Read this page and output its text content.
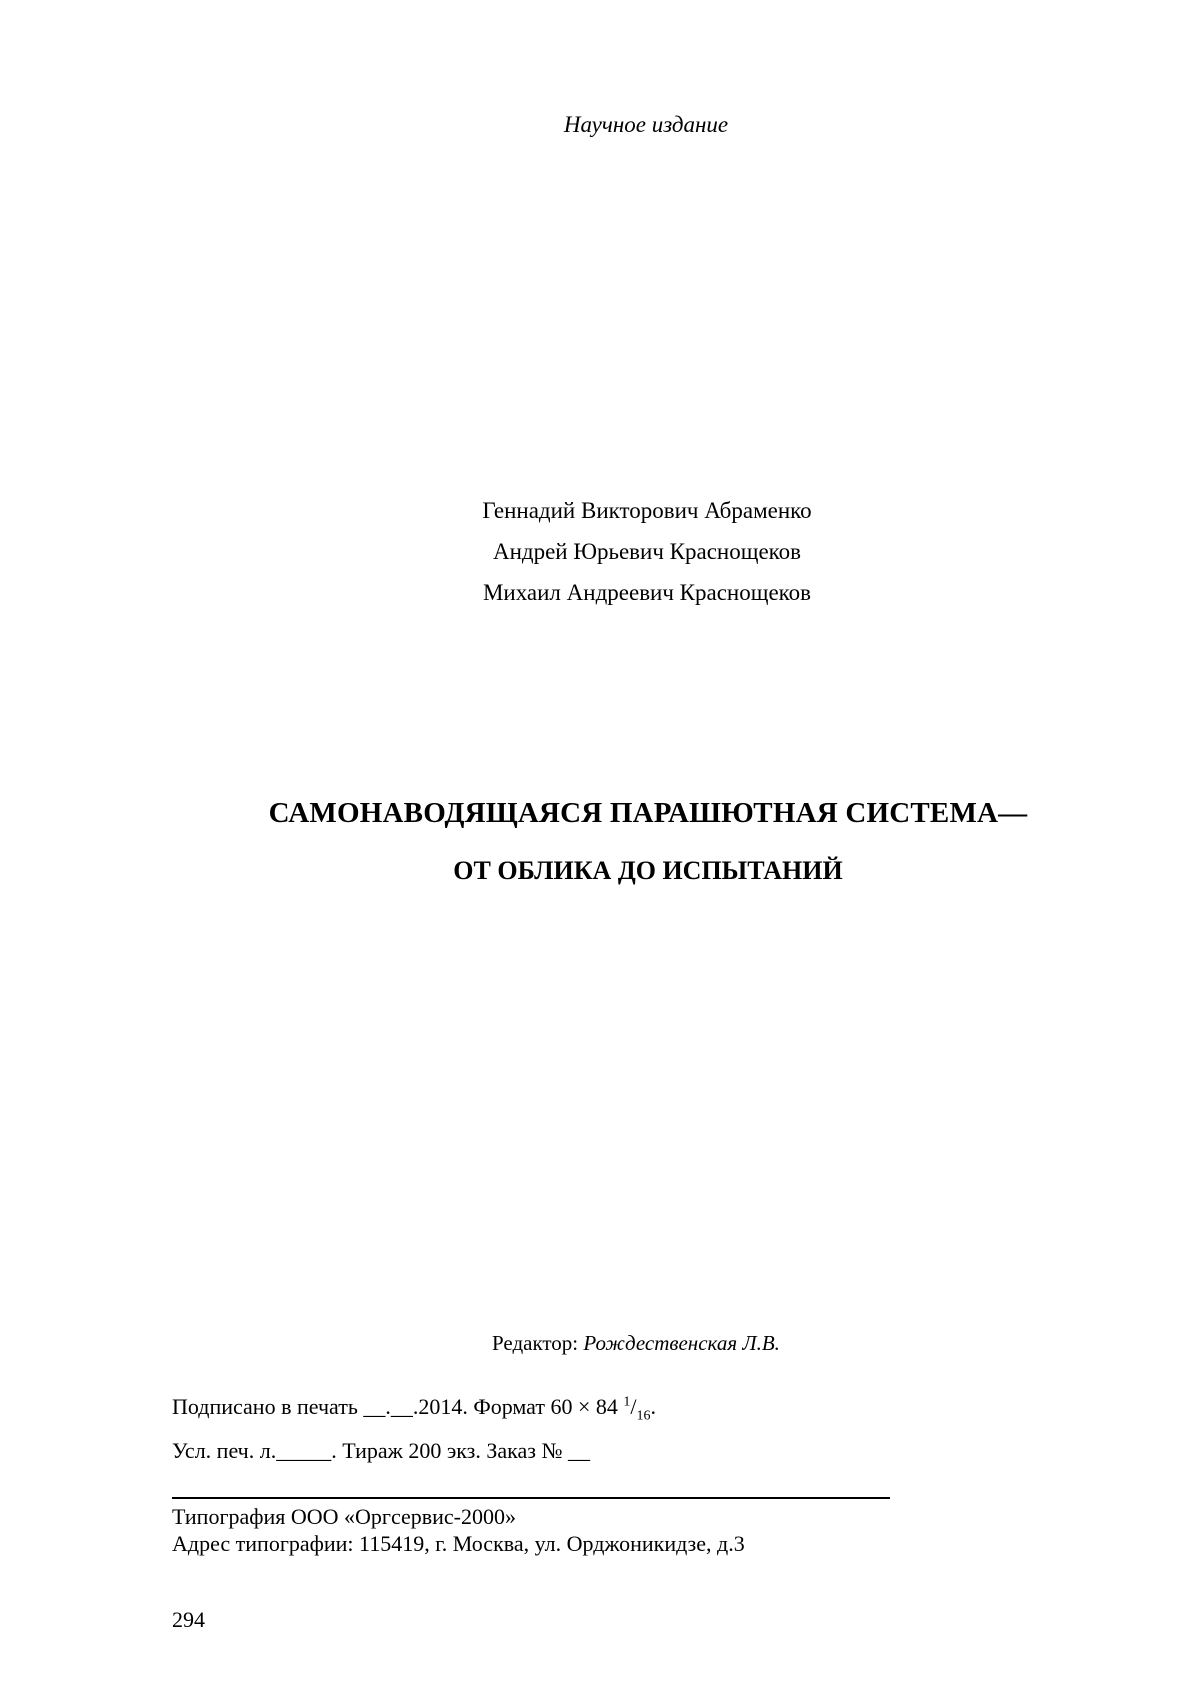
Научное издание
Геннадий Викторович Абраменко
Андрей Юрьевич Краснощеков
Михаил Андреевич Краснощеков
САМОНАВОДЯЩАЯСЯ ПАРАШЮТНАЯ СИСТЕМА—
ОТ ОБЛИКА ДО ИСПЫТАНИЙ
Редактор: Рождественская Л.В.
Подписано в печать __.__.2014. Формат 60 × 84 $^1/_{16}$.
Усл. печ. л._____. Тираж 200 экз. Заказ № __
Типография ООО «Оргсервис-2000»
Адрес типографии: 115419, г. Москва, ул. Орджоникидзе, д.3
294
